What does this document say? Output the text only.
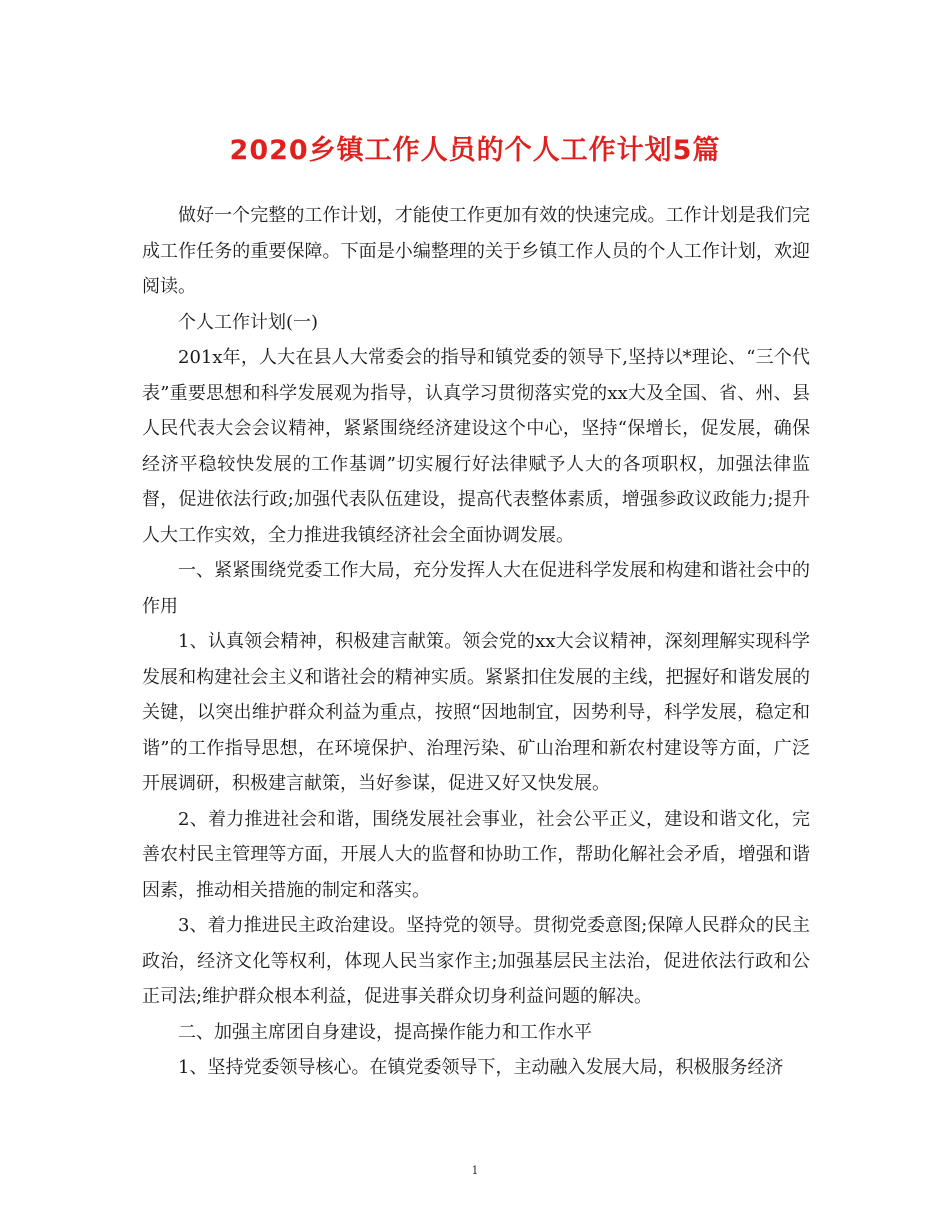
2020乡镇工作人员的个人工作计划5篇

做好一个完整的工作计划，才能使工作更加有效的快速完成。工作计划是我们完成工作任务的重要保障。下面是小编整理的关于乡镇工作人员的个人工作计划，欢迎阅读。

个人工作计划(一)

201x年，人大在县人大常委会的指导和镇党委的领导下,坚持以*理论、“三个代表”重要思想和科学发展观为指导，认真学习贯彻落实党的xx大及全国、省、州、县人民代表大会会议精神，紧紧围绕经济建设这个中心，坚持“保增长，促发展，确保经济平稳较快发展的工作基调”切实履行好法律赋予人大的各项职权，加强法律监督，促进依法行政;加强代表队伍建设，提高代表整体素质，增强参政议政能力;提升人大工作实效，全力推进我镇经济社会全面协调发展。

一、紧紧围绕党委工作大局，充分发挥人大在促进科学发展和构建和谐社会中的作用

1、认真领会精神，积极建言献策。领会党的xx大会议精神，深刻理解实现科学发展和构建社会主义和谐社会的精神实质。紧紧扣住发展的主线，把握好和谐发展的关键，以突出维护群众利益为重点，按照“因地制宜，因势利导，科学发展，稳定和谐”的工作指导思想，在环境保护、治理污染、矿山治理和新农村建设等方面，广泛开展调研，积极建言献策，当好参谋，促进又好又快发展。

2、着力推进社会和谐，围绕发展社会事业，社会公平正义，建设和谐文化，完善农村民主管理等方面，开展人大的监督和协助工作，帮助化解社会矛盾，增强和谐因素，推动相关措施的制定和落实。

3、着力推进民主政治建设。坚持党的领导。贯彻党委意图;保障人民群众的民主政治，经济文化等权利，体现人民当家作主;加强基层民主法治，促进依法行政和公正司法;维护群众根本利益，促进事关群众切身利益问题的解决。

二、加强主席团自身建设，提高操作能力和工作水平

1、坚持党委领导核心。在镇党委领导下，主动融入发展大局，积极服务经济

1
